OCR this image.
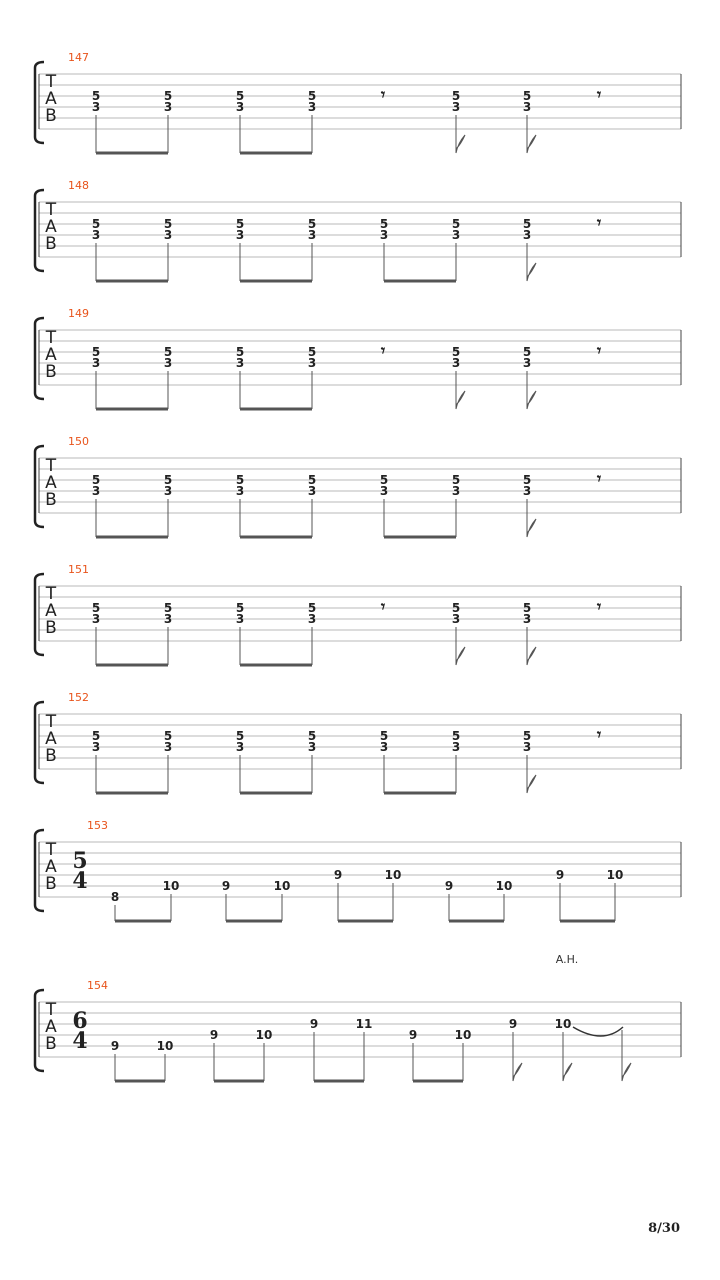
T
A
B
147
5
3
5
3
5
3
5
3
𝄾	5
3
5
3
𝄾
T
A
B
148
5
3
5
3
5
3
5
3
5
3
5
3
5
3
𝄾
T
A
B
149
5
3
5
3
5
3
5
3
𝄾	5
3
5
3
𝄾
T
A
B
150
5
3
5
3
5
3
5
3
5
3
5
3
5
3
𝄾
T
A
B
151
5
3
5
3
5
3
5
3
𝄾	5
3
5
3
𝄾
T
A
B
152
5
3
5
3
5
3
5
3
5
3
5
3
5
3
𝄾
T
A
B
153
5
4
8
10	9	10
9	10
9	10
9	10
T
A
B
154
6
4
A.H.
9	10
9	10
9	11
9	10
9	10
8/30
